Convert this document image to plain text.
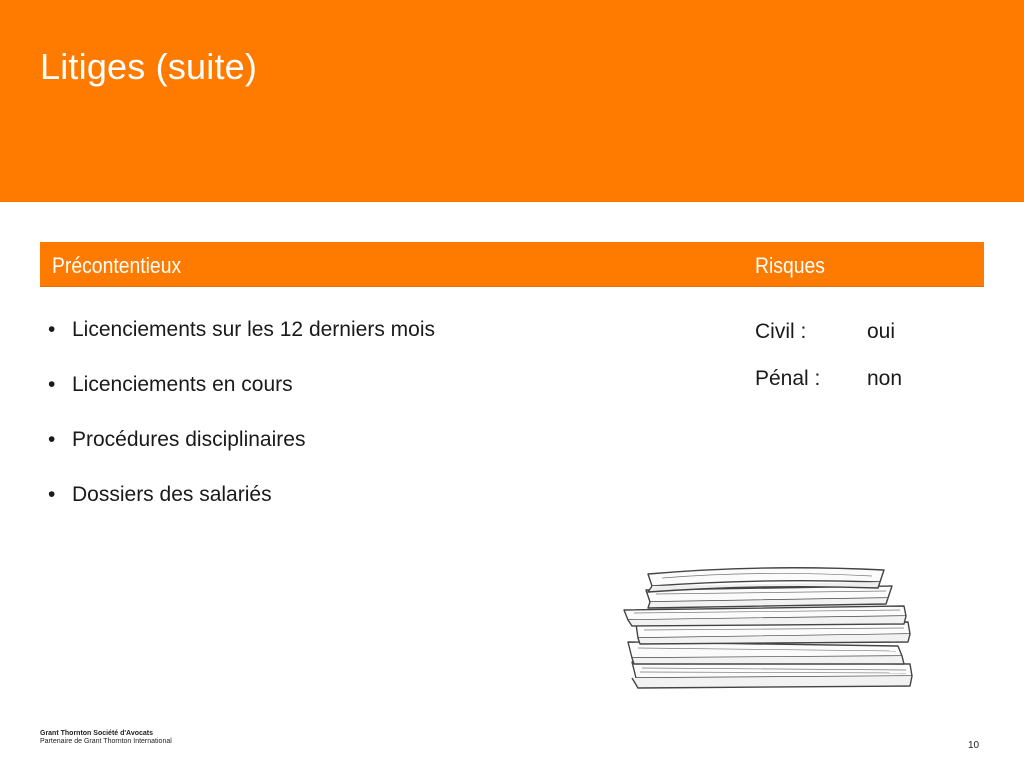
Litiges (suite)
Précontentieux	Risques
• Licenciements sur les 12 derniers mois
• Licenciements en cours
• Procédures disciplinaires
• Dossiers des salariés
Civil :	oui
Pénal : non
Grant Thornton Société d'Avocats
Partenaire de Grant Thornton International	10
